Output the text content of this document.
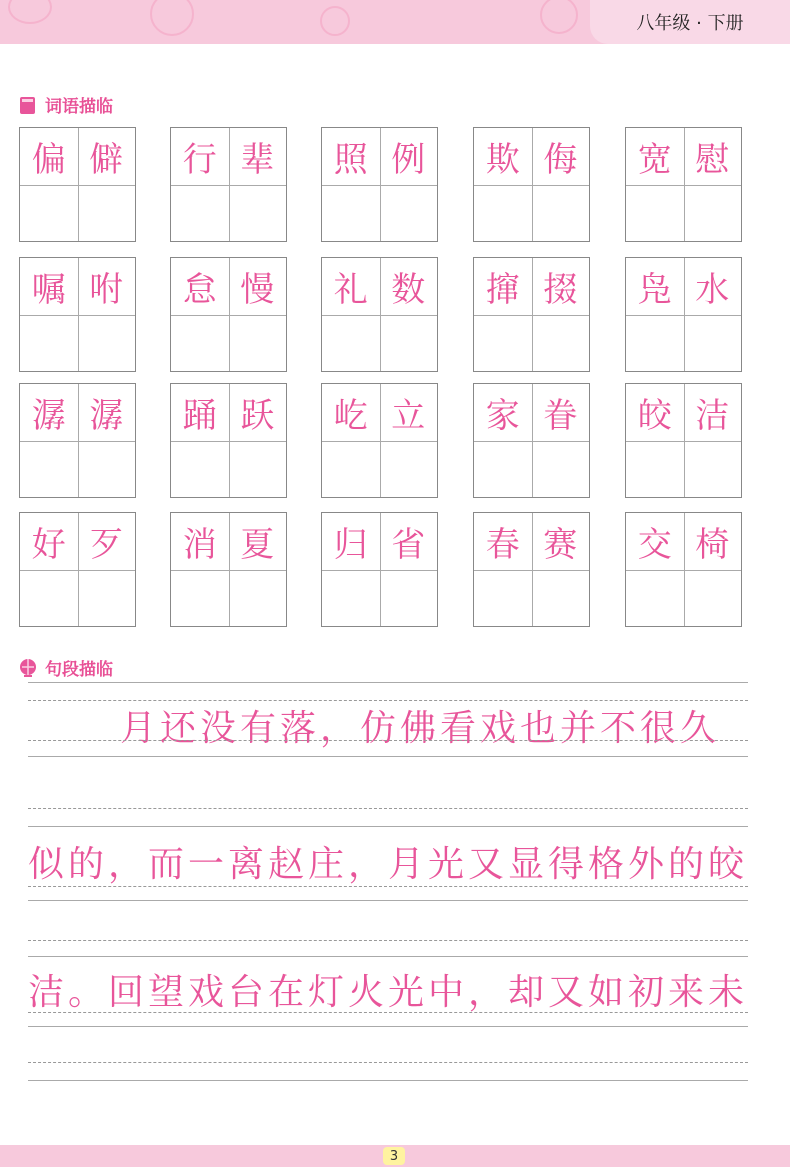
八年级 · 下册
词语描临
偏 僻	行 辈	照 例	欺 侮	宽 慰
嘱 咐	怠 慢	礼 数	撺 掇	凫 水
潺 潺	踊 跃	屹 立	家 眷	皎 洁
好 歹	消 夏	归 省	春 赛	交 椅
句段描临
月还没有落，仿佛看戏也并不很久
似的，而一离赵庄，月光又显得格外的皎
洁。回望戏台在灯火光中，却又如初来未
3
